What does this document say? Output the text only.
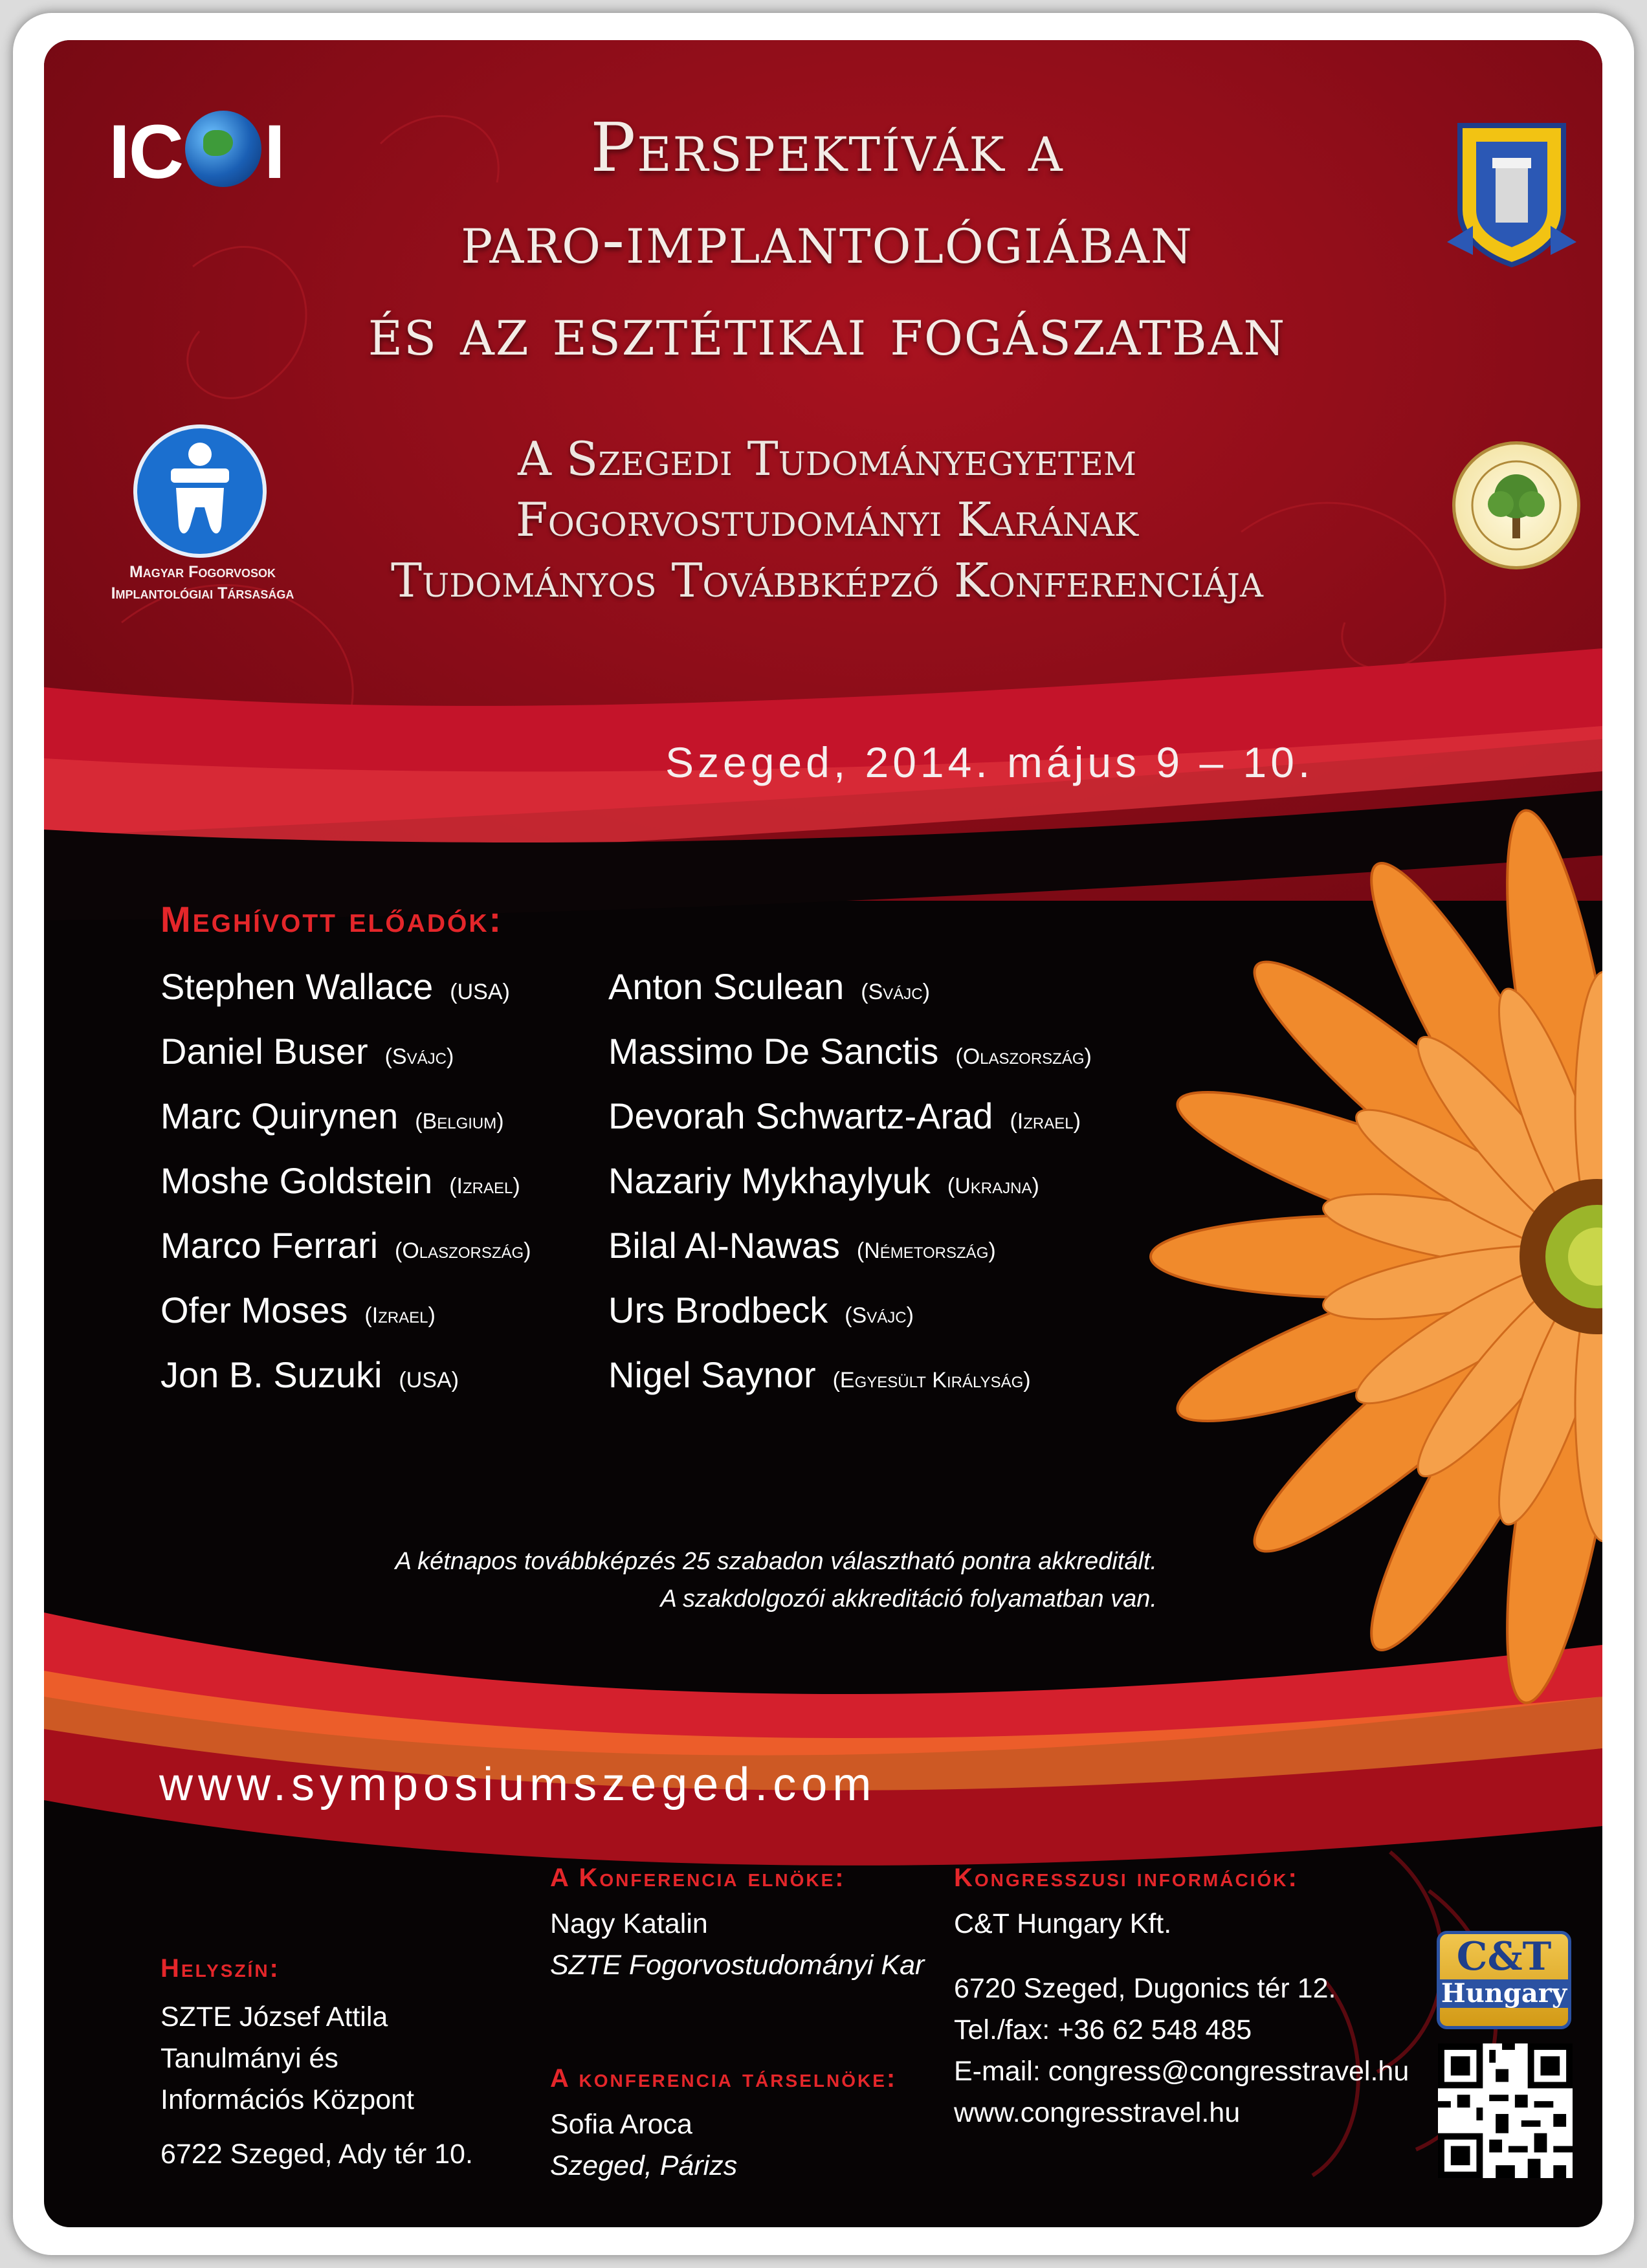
IC I
Magyar Fogorvosok
Implantológiai Társasága
Perspektívák a
paro-implantológiában
és az esztétikai fogászatban
A Szegedi Tudományegyetem
Fogorvostudományi Karának
Tudományos Továbbképző Konferenciája
Szeged, 2014. május 9 – 10.
Meghívott előadók:
Stephen Wallace (USA)
Daniel Buser (Svájc)
Marc Quirynen (Belgium)
Moshe Goldstein (Izrael)
Marco Ferrari (Olaszország)
Ofer Moses (Izrael)
Jon B. Suzuki (USA)
Anton Sculean (Svájc)
Massimo De Sanctis (Olaszország)
Devorah Schwartz-Arad (Izrael)
Nazariy Mykhaylyuk (Ukrajna)
Bilal Al-Nawas (Németország)
Urs Brodbeck (Svájc)
Nigel Saynor (Egyesült Királyság)
A kétnapos továbbképzés 25 szabadon választható pontra akkreditált.
A szakdolgozói akkreditáció folyamatban van.
www.symposiumszeged.com
Helyszín:
SZTE József Attila
Tanulmányi és
Információs Központ
6722 Szeged, Ady tér 10.
A Konferencia elnöke:
Nagy Katalin
SZTE Fogorvostudományi Kar
A konferencia társelnöke:
Sofia Aroca
Szeged, Párizs
Kongresszusi információk:
C&T Hungary Kft.
6720 Szeged, Dugonics tér 12.
Tel./fax: +36 62 548 485
E-mail: congress@congresstravel.hu
www.congresstravel.hu
C&T
Hungary
